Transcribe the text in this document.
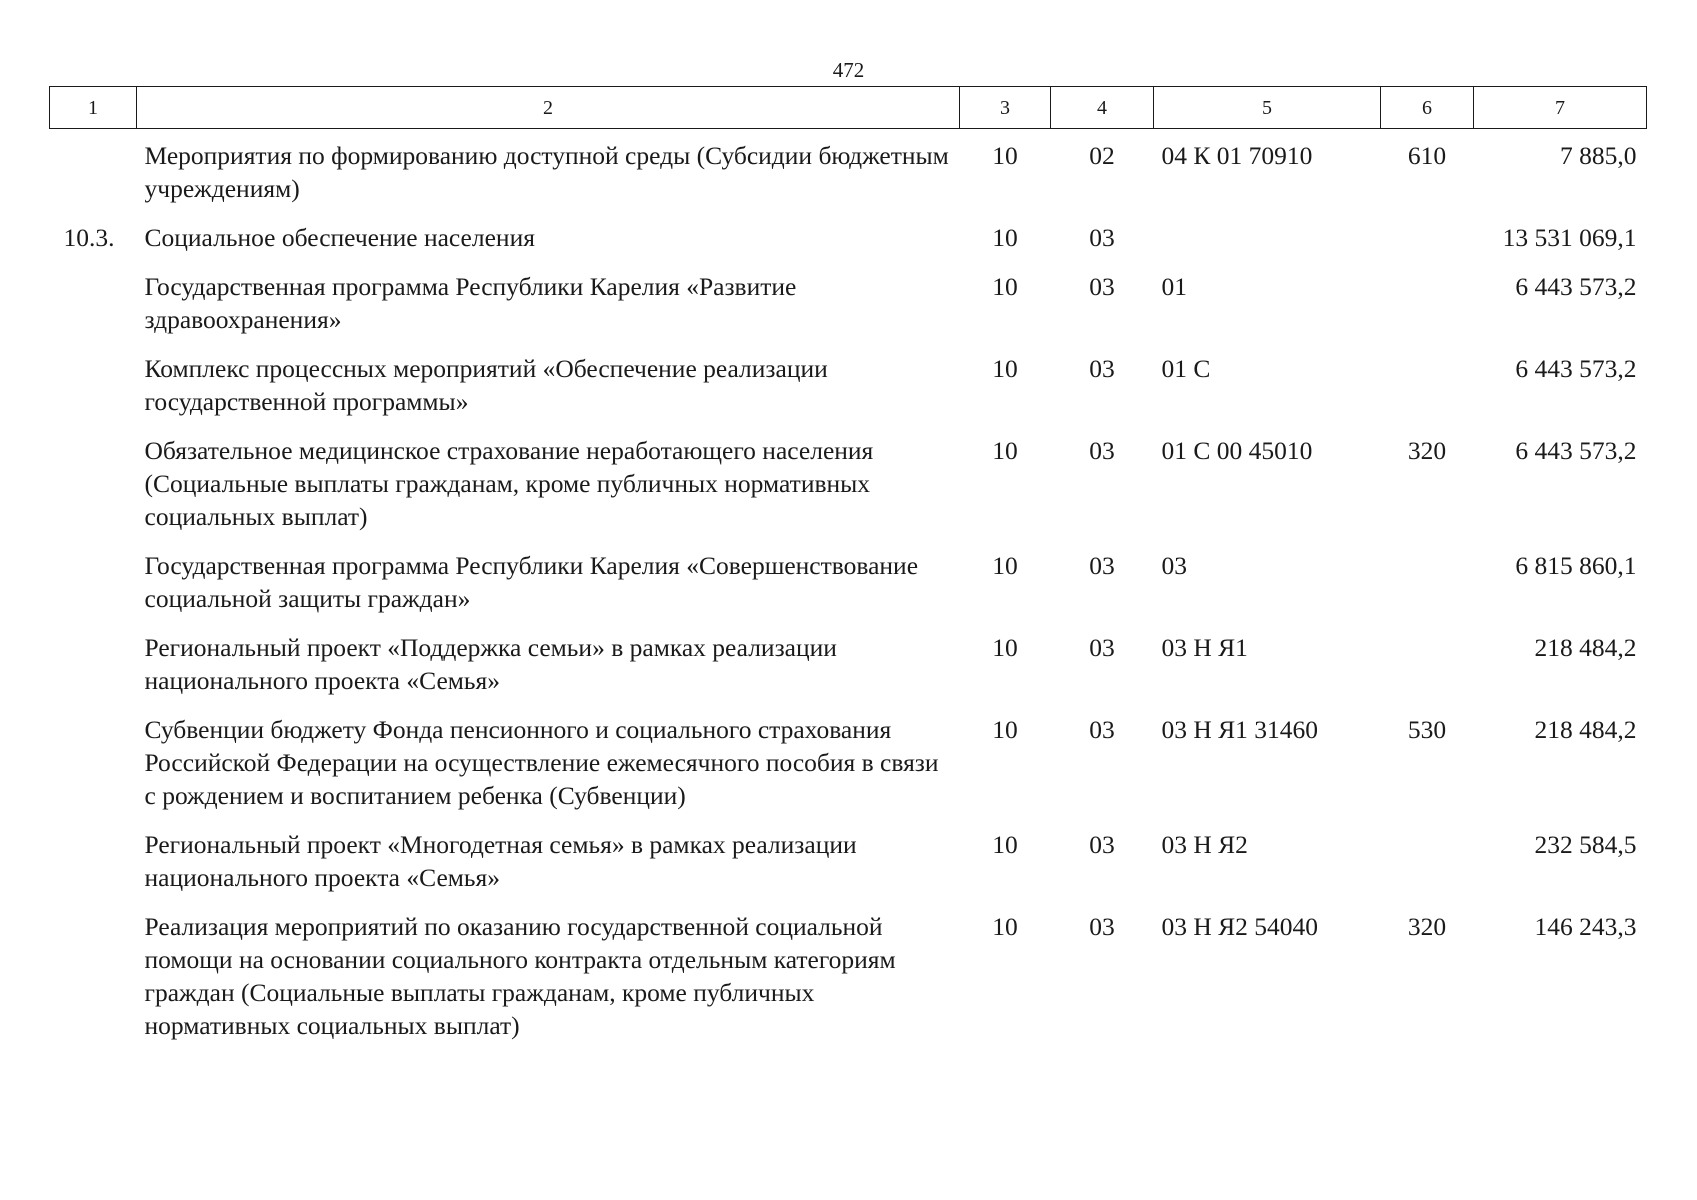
472
1	2	3	4	5	6	7
	Мероприятия по формированию доступной среды (Субсидии бюджетным учреждениям)	10	02	04 К 01 70910	610	7 885,0
10.3.	Социальное обеспечение населения	10	03			13 531 069,1
	Государственная программа Республики Карелия «Развитие здравоохранения»	10	03	01		6 443 573,2
	Комплекс процессных мероприятий «Обеспечение реализации государственной программы»	10	03	01 С		6 443 573,2
	Обязательное медицинское страхование неработающего населения (Социальные выплаты гражданам, кроме публичных нормативных социальных выплат)	10	03	01 С 00 45010	320	6 443 573,2
	Государственная программа Республики Карелия «Совершенствование социальной защиты граждан»	10	03	03		6 815 860,1
	Региональный проект «Поддержка семьи» в рамках реализации национального проекта «Семья»	10	03	03 Н Я1		218 484,2
	Субвенции бюджету Фонда пенсионного и социального страхования Российской Федерации на осуществление ежемесячного пособия в связи с рождением и воспитанием ребенка (Субвенции)	10	03	03 Н Я1 31460	530	218 484,2
	Региональный проект «Многодетная семья» в рамках реализации национального проекта «Семья»	10	03	03 Н Я2		232 584,5
	Реализация мероприятий по оказанию государственной социальной помощи на основании социального контракта отдельным категориям граждан (Социальные выплаты гражданам, кроме публичных нормативных социальных выплат)	10	03	03 Н Я2 54040	320	146 243,3
